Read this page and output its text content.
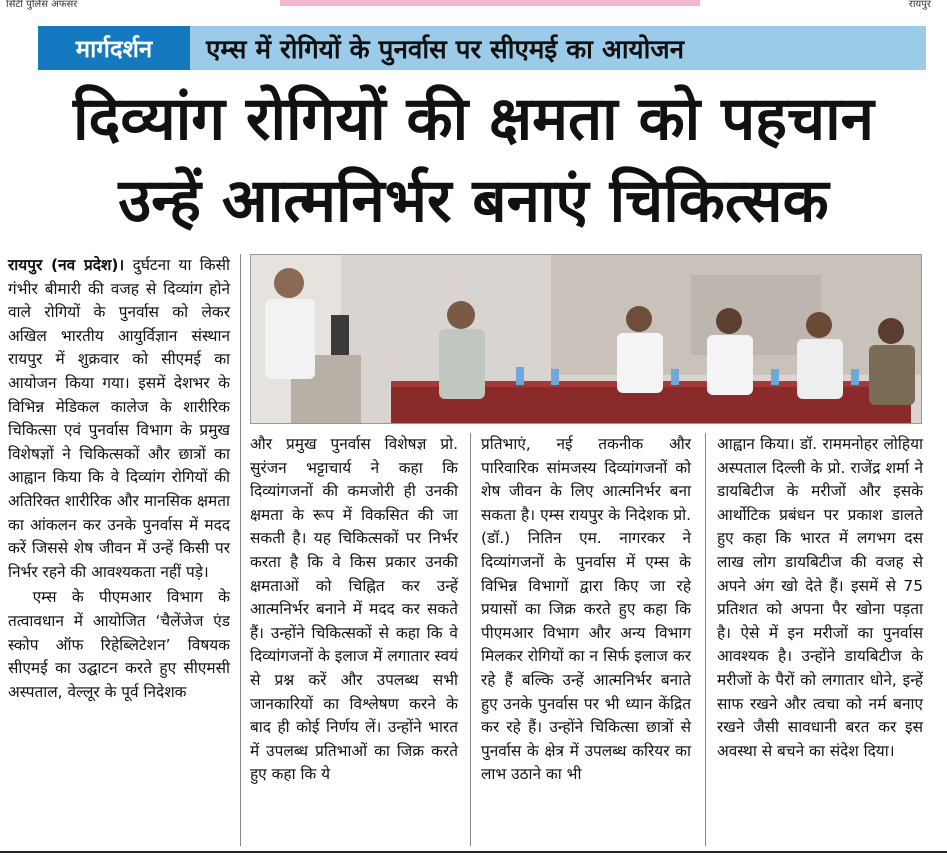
सिटी पुलिस अफसर	रायपुर
मार्गदर्शन	एम्स में रोगियों के पुनर्वास पर सीएमई का आयोजन
दिव्यांग रोगियों की क्षमता को पहचान
उन्हें आत्मनिर्भर बनाएं चिकित्सक

रायपुर (नव प्रदेश)। दुर्घटना या किसी गंभीर बीमारी की वजह से दिव्यांग होने वाले रोगियों के पुनर्वास को लेकर अखिल भारतीय आयुर्विज्ञान संस्थान रायपुर में शुक्रवार को सीएमई का आयोजन किया गया। इसमें देशभर के विभिन्न मेडिकल कालेज के शारीरिक चिकित्सा एवं पुनर्वास विभाग के प्रमुख विशेषज्ञों ने चिकित्सकों और छात्रों का आह्वान किया कि वे दिव्यांग रोगियों की अतिरिक्त शारीरिक और मानसिक क्षमता का आंकलन कर उनके पुनर्वास में मदद करें जिससे शेष जीवन में उन्हें किसी पर निर्भर रहने की आवश्यकता नहीं पड़े।

एम्स के पीएमआर विभाग के तत्वावधान में आयोजित ‘चैलेंजेज एंड स्कोप ऑफ रिहेब्लिटेशन’ विषयक सीएमई का उद्घाटन करते हुए सीएमसी अस्पताल, वेल्लूर के पूर्व निदेशक

और प्रमुख पुनर्वास विशेषज्ञ प्रो. सुरंजन भट्टाचार्य ने कहा कि दिव्यांगजनों की कमजोरी ही उनकी क्षमता के रूप में विकसित की जा सकती है। यह चिकित्सकों पर निर्भर करता है कि वे किस प्रकार उनकी क्षमताओं को चिह्नित कर उन्हें आत्मनिर्भर बनाने में मदद कर सकते हैं। उन्होंने चिकित्सकों से कहा कि वे दिव्यांगजनों के इलाज में लगातार स्वयं से प्रश्न करें और उपलब्ध सभी जानकारियों का विश्लेषण करने के बाद ही कोई निर्णय लें। उन्होंने भारत में उपलब्ध प्रतिभाओं का जिक्र करते हुए कहा कि ये

प्रतिभाएं, नई तकनीक और पारिवारिक सांमजस्य दिव्यांगजनों को शेष जीवन के लिए आत्मनिर्भर बना सकता है। एम्स रायपुर के निदेशक प्रो. (डॉ.) नितिन एम. नागरकर ने दिव्यांगजनों के पुनर्वास में एम्स के विभिन्न विभागों द्वारा किए जा रहे प्रयासों का जिक्र करते हुए कहा कि पीएमआर विभाग और अन्य विभाग मिलकर रोगियों का न सिर्फ इलाज कर रहे हैं बल्कि उन्हें आत्मनिर्भर बनाते हुए उनके पुनर्वास पर भी ध्यान केंद्रित कर रहे हैं। उन्होंने चिकित्सा छात्रों से पुनर्वास के क्षेत्र में उपलब्ध करियर का लाभ उठाने का भी

आह्वान किया। डॉ. राममनोहर लोहिया अस्पताल दिल्ली के प्रो. राजेंद्र शर्मा ने डायबिटीज के मरीजों और इसके आर्थोटिक प्रबंधन पर प्रकाश डालते हुए कहा कि भारत में लगभग दस लाख लोग डायबिटीज की वजह से अपने अंग खो देते हैं। इसमें से 75 प्रतिशत को अपना पैर खोना पड़ता है। ऐसे में इन मरीजों का पुनर्वास आवश्यक है। उन्होंने डायबिटीज के मरीजों के पैरों को लगातार धोने, इन्हें साफ रखने और त्वचा को नर्म बनाए रखने जैसी सावधानी बरत कर इस अवस्था से बचने का संदेश दिया।
